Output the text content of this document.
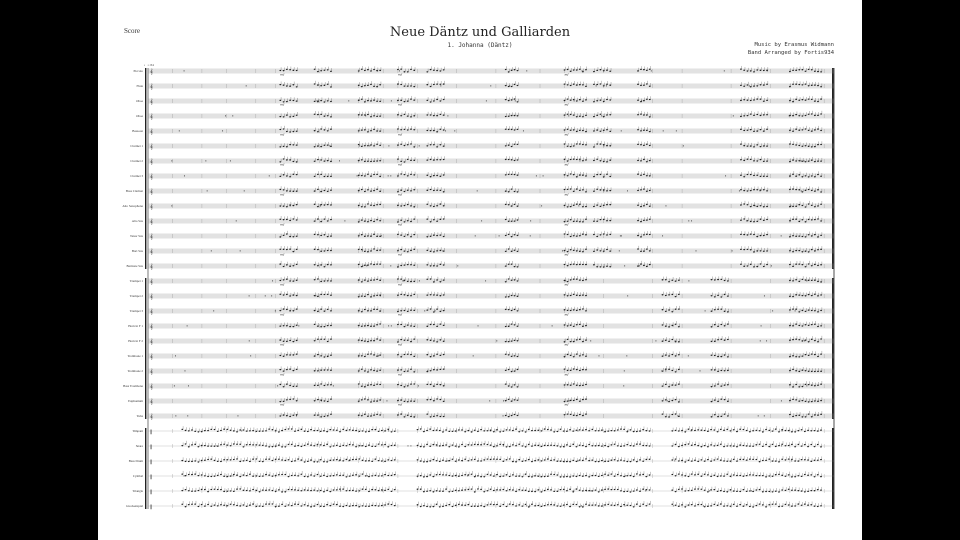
Score	Neue Däntz und Galliarden
1. Johanna (Däntz)	Music by Erasmus Widmann
Band Arranged by Fortis934
♩= 84
Piccolo 𝄞	mf	mf	mf
Flute 𝄞
Oboe 𝄞	mf	mf	mf
Oboe 𝄞
Bassoon 𝄞	mf	mf	mf
Clarinet 1 𝄞
Clarinet 2 𝄞	mf	mf	mf
Clarinet 3 𝄞
Bass Clarinet 𝄞	mf	mf	mf
Alto Saxophone 𝄞
Alto Sax 𝄞	mf	mf	mf
Tenor Sax 𝄞
Bari Sax 𝄞	mf	mf	mf
Baritone Sax 𝄞
Trumpet 1 𝄞	mf	mf	mf
Trumpet 2 𝄞
Trumpet 3 𝄞	mf	mf	mf
Horn in F 1 𝄞
Horn in F 2 𝄞	mf	mf	mf
Trombone 1 𝄞
Trombone 2 𝄞	mf	mf	mf
Bass Trombone 𝄞
Euphonium 𝄞	mf	mf	mf
Tuba 𝄞
Timpani ‖
Snare ‖
Bass Drum ‖
Cymbal ‖
Triangle ‖
Glockenspiel ‖
